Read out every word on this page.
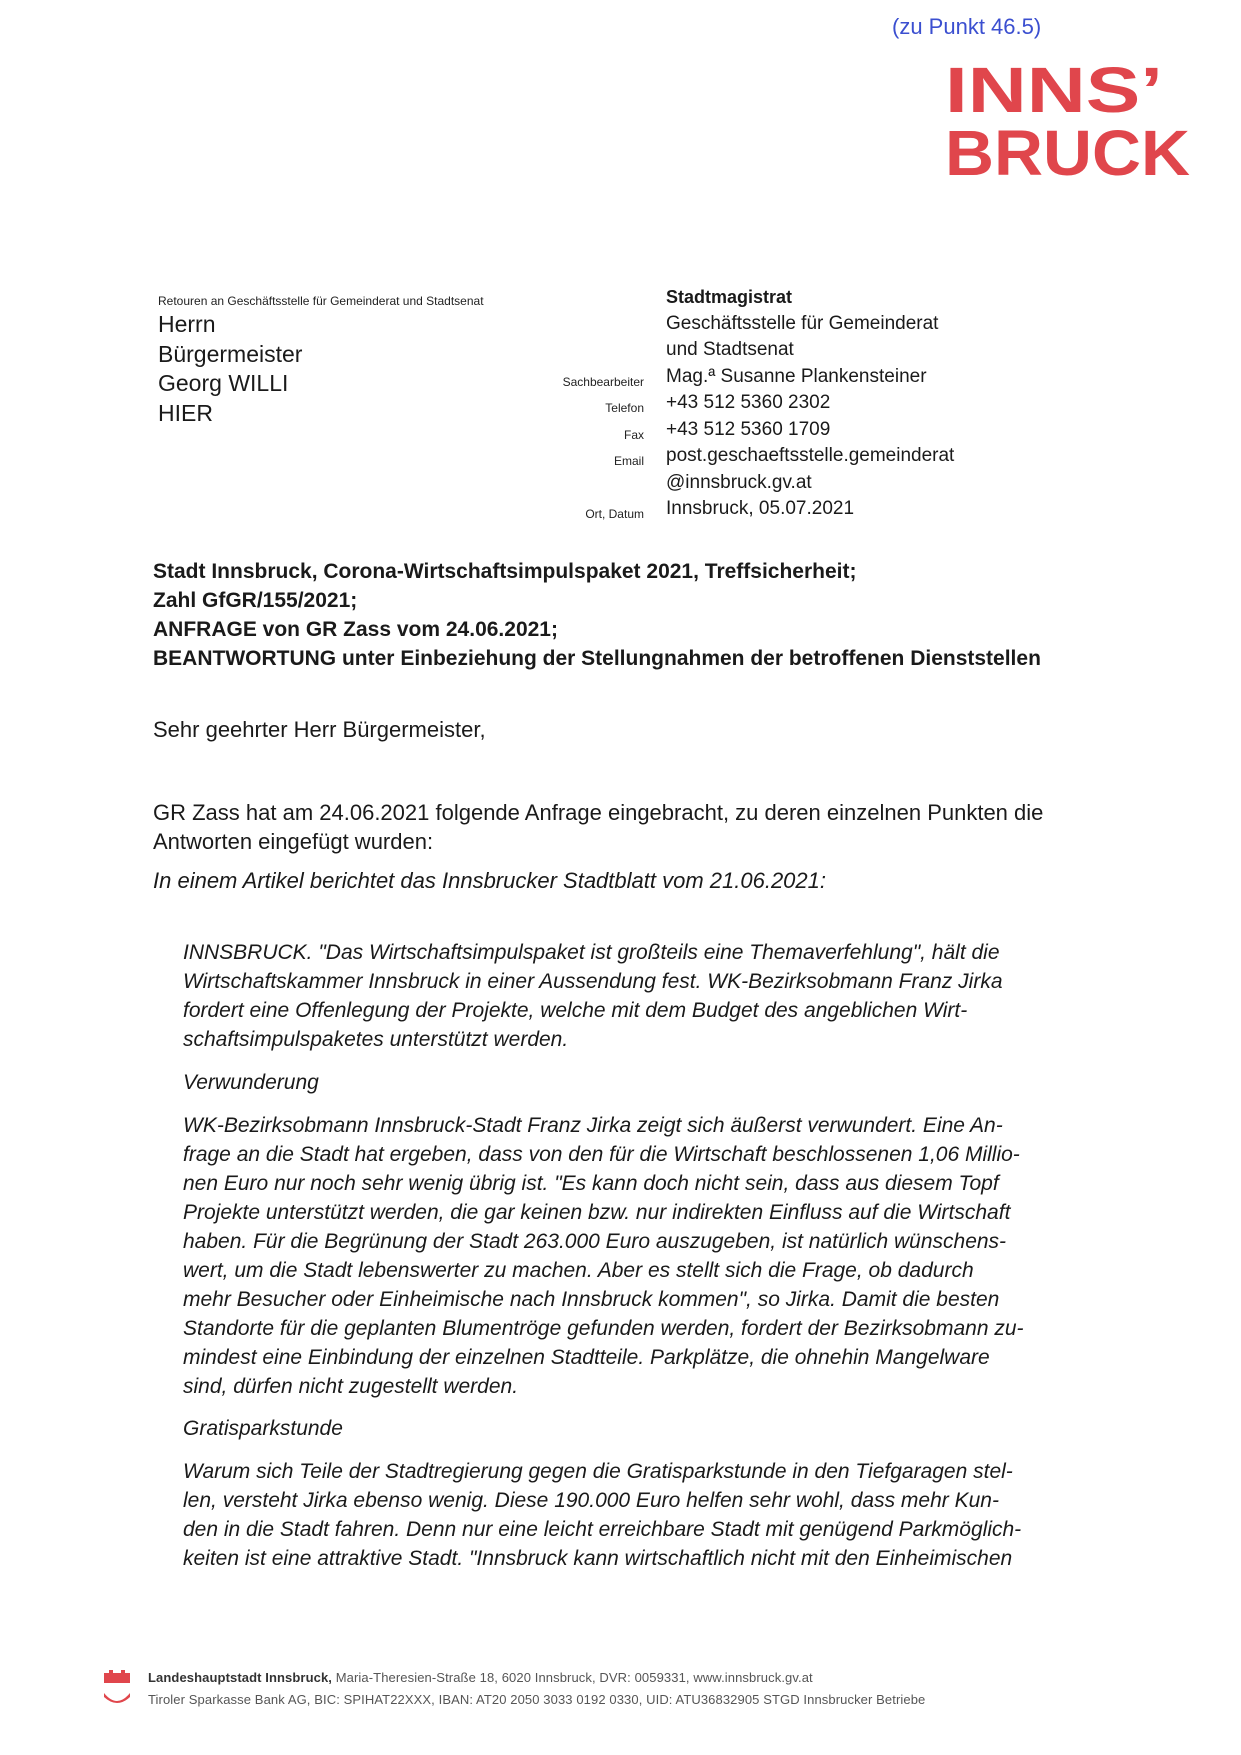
(zu Punkt 46.5)
INNS’
BRUCK
Retouren an Geschäftsstelle für Gemeinderat und Stadtsenat
Herrn
Bürgermeister
Georg WILLI
HIER
Stadtmagistrat
Geschäftsstelle für Gemeinderat
und Stadtsenat
Sachbearbeiter	Mag.ª Susanne Plankensteiner
Telefon	+43 512 5360 2302
Fax	+43 512 5360 1709
Email	post.geschaeftsstelle.gemeinderat
@innsbruck.gv.at
Ort, Datum	Innsbruck, 05.07.2021
Stadt Innsbruck, Corona-Wirtschaftsimpulspaket 2021, Treffsicherheit;
Zahl GfGR/155/2021;
ANFRAGE von GR Zass vom 24.06.2021;
BEANTWORTUNG unter Einbeziehung der Stellungnahmen der betroffenen Dienststellen
Sehr geehrter Herr Bürgermeister,
GR Zass hat am 24.06.2021 folgende Anfrage eingebracht, zu deren einzelnen Punkten die
Antworten eingefügt wurden:
In einem Artikel berichtet das Innsbrucker Stadtblatt vom 21.06.2021:
INNSBRUCK. "Das Wirtschaftsimpulspaket ist großteils eine Themaverfehlung", hält die
Wirtschaftskammer Innsbruck in einer Aussendung fest. WK-Bezirksobmann Franz Jirka
fordert eine Offenlegung der Projekte, welche mit dem Budget des angeblichen Wirt-
schaftsimpulspaketes unterstützt werden.
Verwunderung
WK-Bezirksobmann Innsbruck-Stadt Franz Jirka zeigt sich äußerst verwundert. Eine An-
frage an die Stadt hat ergeben, dass von den für die Wirtschaft beschlossenen 1,06 Millio-
nen Euro nur noch sehr wenig übrig ist. "Es kann doch nicht sein, dass aus diesem Topf
Projekte unterstützt werden, die gar keinen bzw. nur indirekten Einfluss auf die Wirtschaft
haben. Für die Begrünung der Stadt 263.000 Euro auszugeben, ist natürlich wünschens-
wert, um die Stadt lebenswerter zu machen. Aber es stellt sich die Frage, ob dadurch
mehr Besucher oder Einheimische nach Innsbruck kommen", so Jirka. Damit die besten
Standorte für die geplanten Blumentröge gefunden werden, fordert der Bezirksobmann zu-
mindest eine Einbindung der einzelnen Stadtteile. Parkplätze, die ohnehin Mangelware
sind, dürfen nicht zugestellt werden.
Gratisparkstunde
Warum sich Teile der Stadtregierung gegen die Gratisparkstunde in den Tiefgaragen stel-
len, versteht Jirka ebenso wenig. Diese 190.000 Euro helfen sehr wohl, dass mehr Kun-
den in die Stadt fahren. Denn nur eine leicht erreichbare Stadt mit genügend Parkmöglich-
keiten ist eine attraktive Stadt. "Innsbruck kann wirtschaftlich nicht mit den Einheimischen
Landeshauptstadt Innsbruck, Maria-Theresien-Straße 18, 6020 Innsbruck, DVR: 0059331, www.innsbruck.gv.at
Tiroler Sparkasse Bank AG, BIC: SPIHAT22XXX, IBAN: AT20 2050 3033 0192 0330, UID: ATU36832905 STGD Innsbrucker Betriebe
